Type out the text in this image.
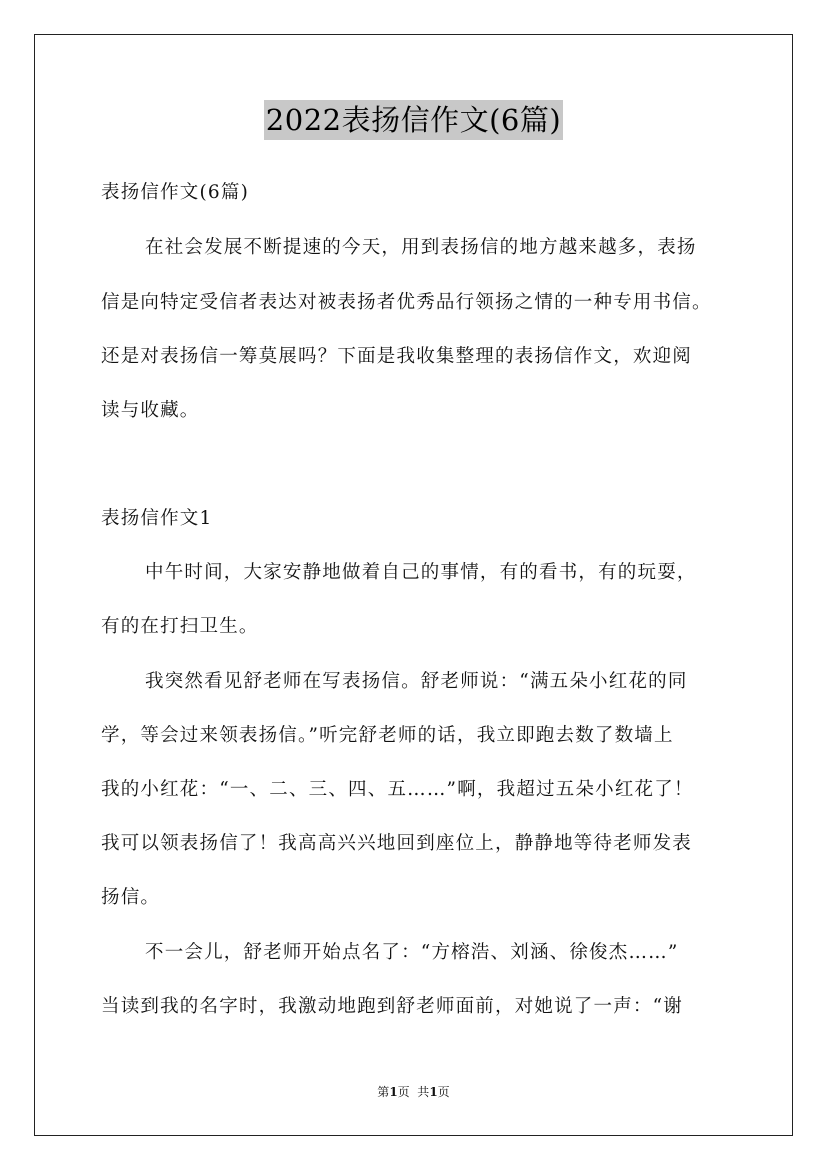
2022表扬信作文(6篇)
表扬信作文(6篇)
在社会发展不断提速的今天，用到表扬信的地方越来越多，表扬
信是向特定受信者表达对被表扬者优秀品行领扬之情的一种专用书信。
还是对表扬信一筹莫展吗？下面是我收集整理的表扬信作文，欢迎阅
读与收藏。
表扬信作文1
中午时间，大家安静地做着自己的事情，有的看书，有的玩耍，
有的在打扫卫生。
我突然看见舒老师在写表扬信。舒老师说：“满五朵小红花的同
学，等会过来领表扬信。”听完舒老师的话，我立即跑去数了数墙上
我的小红花：“一、二、三、四、五……”啊，我超过五朵小红花了！
我可以领表扬信了！我高高兴兴地回到座位上，静静地等待老师发表
扬信。
不一会儿，舒老师开始点名了：“方榕浩、刘涵、徐俊杰……”
当读到我的名字时，我激动地跑到舒老师面前，对她说了一声：“谢
第1页  共1页
